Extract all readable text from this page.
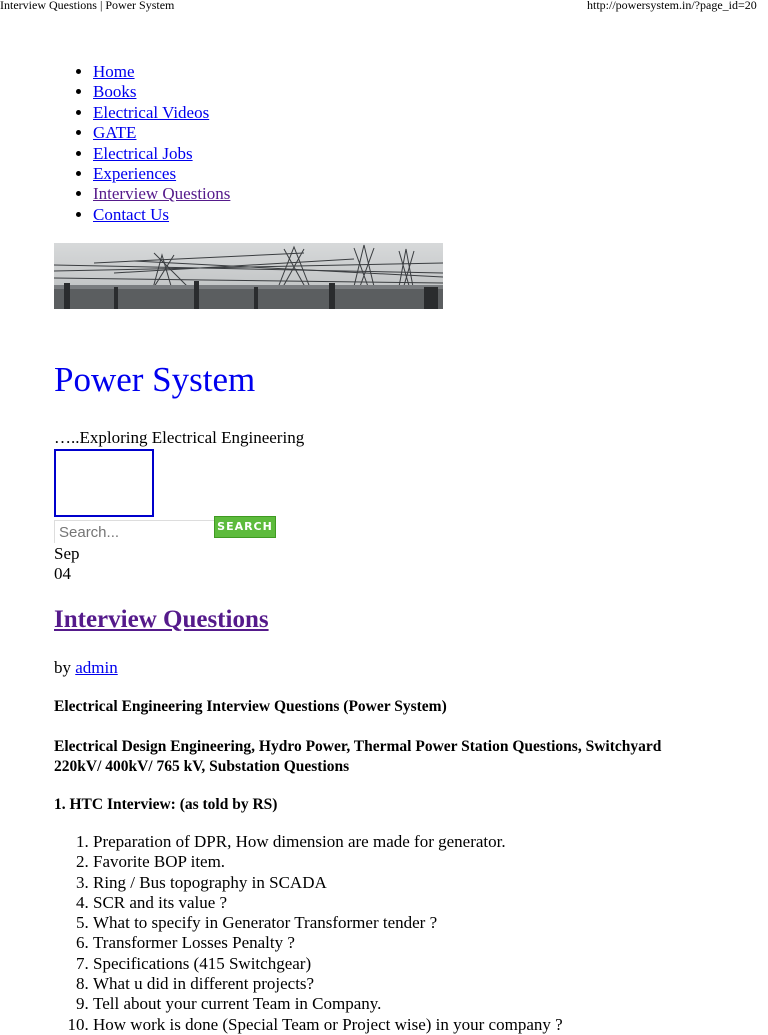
Interview Questions | Power System	http://powersystem.in/?page_id=20
• Home
• Books
• Electrical Videos
• GATE
• Electrical Jobs
• Experiences
• Interview Questions
• Contact Us
Power System
…..Exploring Electrical Engineering
Search...
SEARCH
Sep
04
Interview Questions
by admin
Electrical Engineering Interview Questions (Power System)
Electrical Design Engineering, Hydro Power, Thermal Power Station Questions, Switchyard 220kV/ 400kV/ 765 kV, Substation Questions
1. HTC Interview: (as told by RS)
1. Preparation of DPR, How dimension are made for generator.
2. Favorite BOP item.
3. Ring / Bus topography in SCADA
4. SCR and its value ?
5. What to specify in Generator Transformer tender ?
6. Transformer Losses Penalty ?
7. Specifications (415 Switchgear)
8. What u did in different projects?
9. Tell about your current Team in Company.
10. How work is done (Special Team or Project wise) in your company ?
